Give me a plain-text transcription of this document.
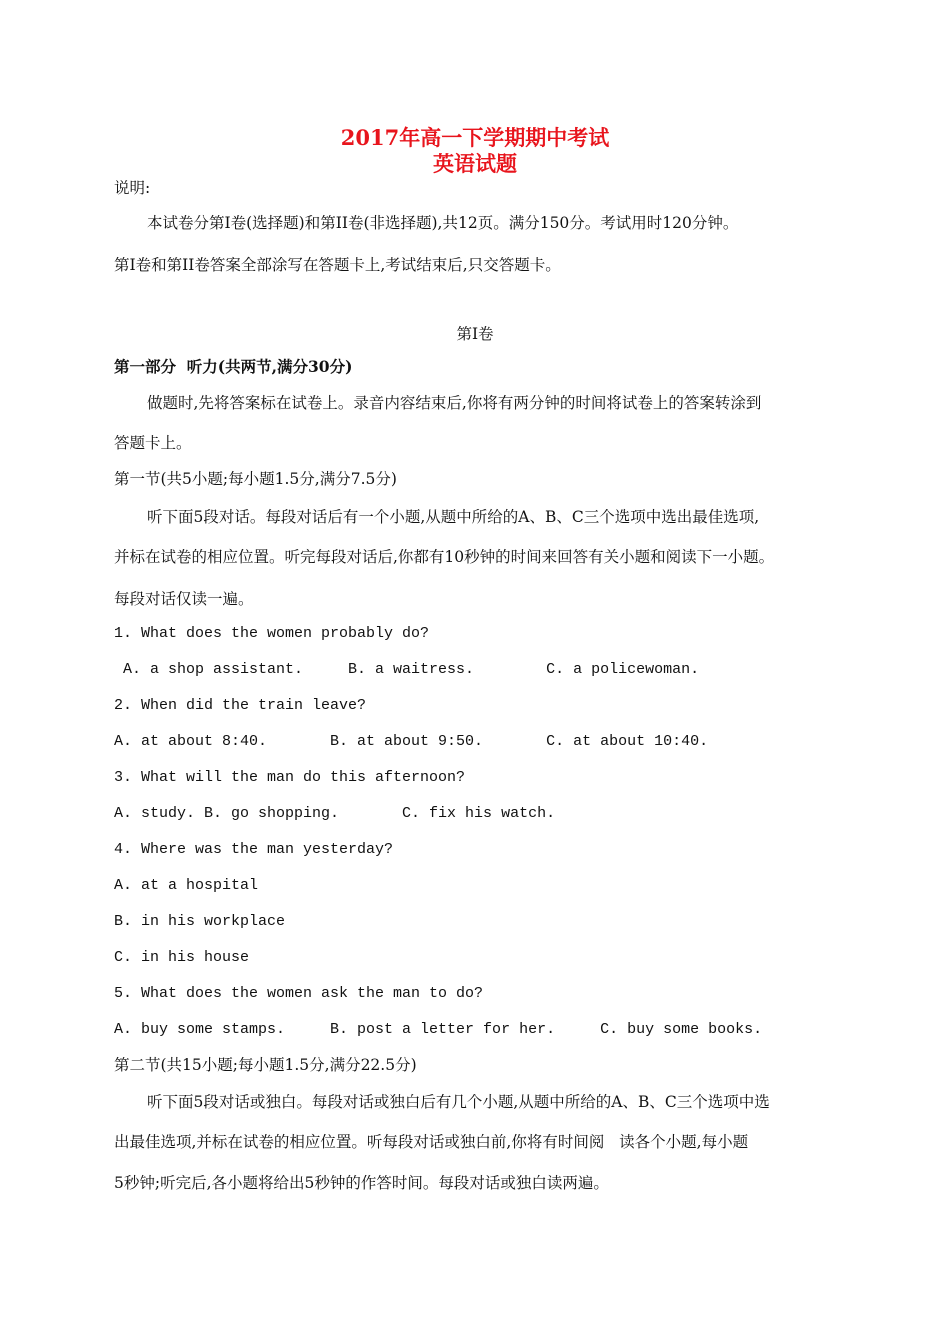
2017年高一下学期期中考试
英语试题
说明:
本试卷分第Ⅰ卷(选择题)和第II卷(非选择题),共12页。满分150分。考试用时120分钟。
第Ⅰ卷和第II卷答案全部涂写在答题卡上,考试结束后,只交答题卡。
第Ⅰ卷
第一部分  听力(共两节,满分30分)
做题时,先将答案标在试卷上。录音内容结束后,你将有两分钟的时间将试卷上的答案转涂到
答题卡上。
第一节(共5小题;每小题1.5分,满分7.5分)
听下面5段对话。每段对话后有一个小题,从题中所给的A、B、C三个选项中选出最佳选项,
并标在试卷的相应位置。听完每段对话后,你都有10秒钟的时间来回答有关小题和阅读下一小题。
每段对话仅读一遍。
1. What does the women probably do?
A. a shop assistant.     B. a waitress.        C. a policewoman.
2. When did the train leave?
A. at about 8:40.       B. at about 9:50.       C. at about 10:40.
3. What will the man do this afternoon?
A. study. B. go shopping.       C. fix his watch.
4. Where was the man yesterday?
A. at a hospital
B. in his workplace
C. in his house
5. What does the women ask the man to do?
A. buy some stamps.     B. post a letter for her.     C. buy some books.
第二节(共15小题;每小题1.5分,满分22.5分)
听下面5段对话或独白。每段对话或独白后有几个小题,从题中所给的A、B、C三个选项中选
出最佳选项,并标在试卷的相应位置。听每段对话或独白前,你将有时间阅   读各个小题,每小题
5秒钟;听完后,各小题将给出5秒钟的作答时间。每段对话或独白读两遍。
